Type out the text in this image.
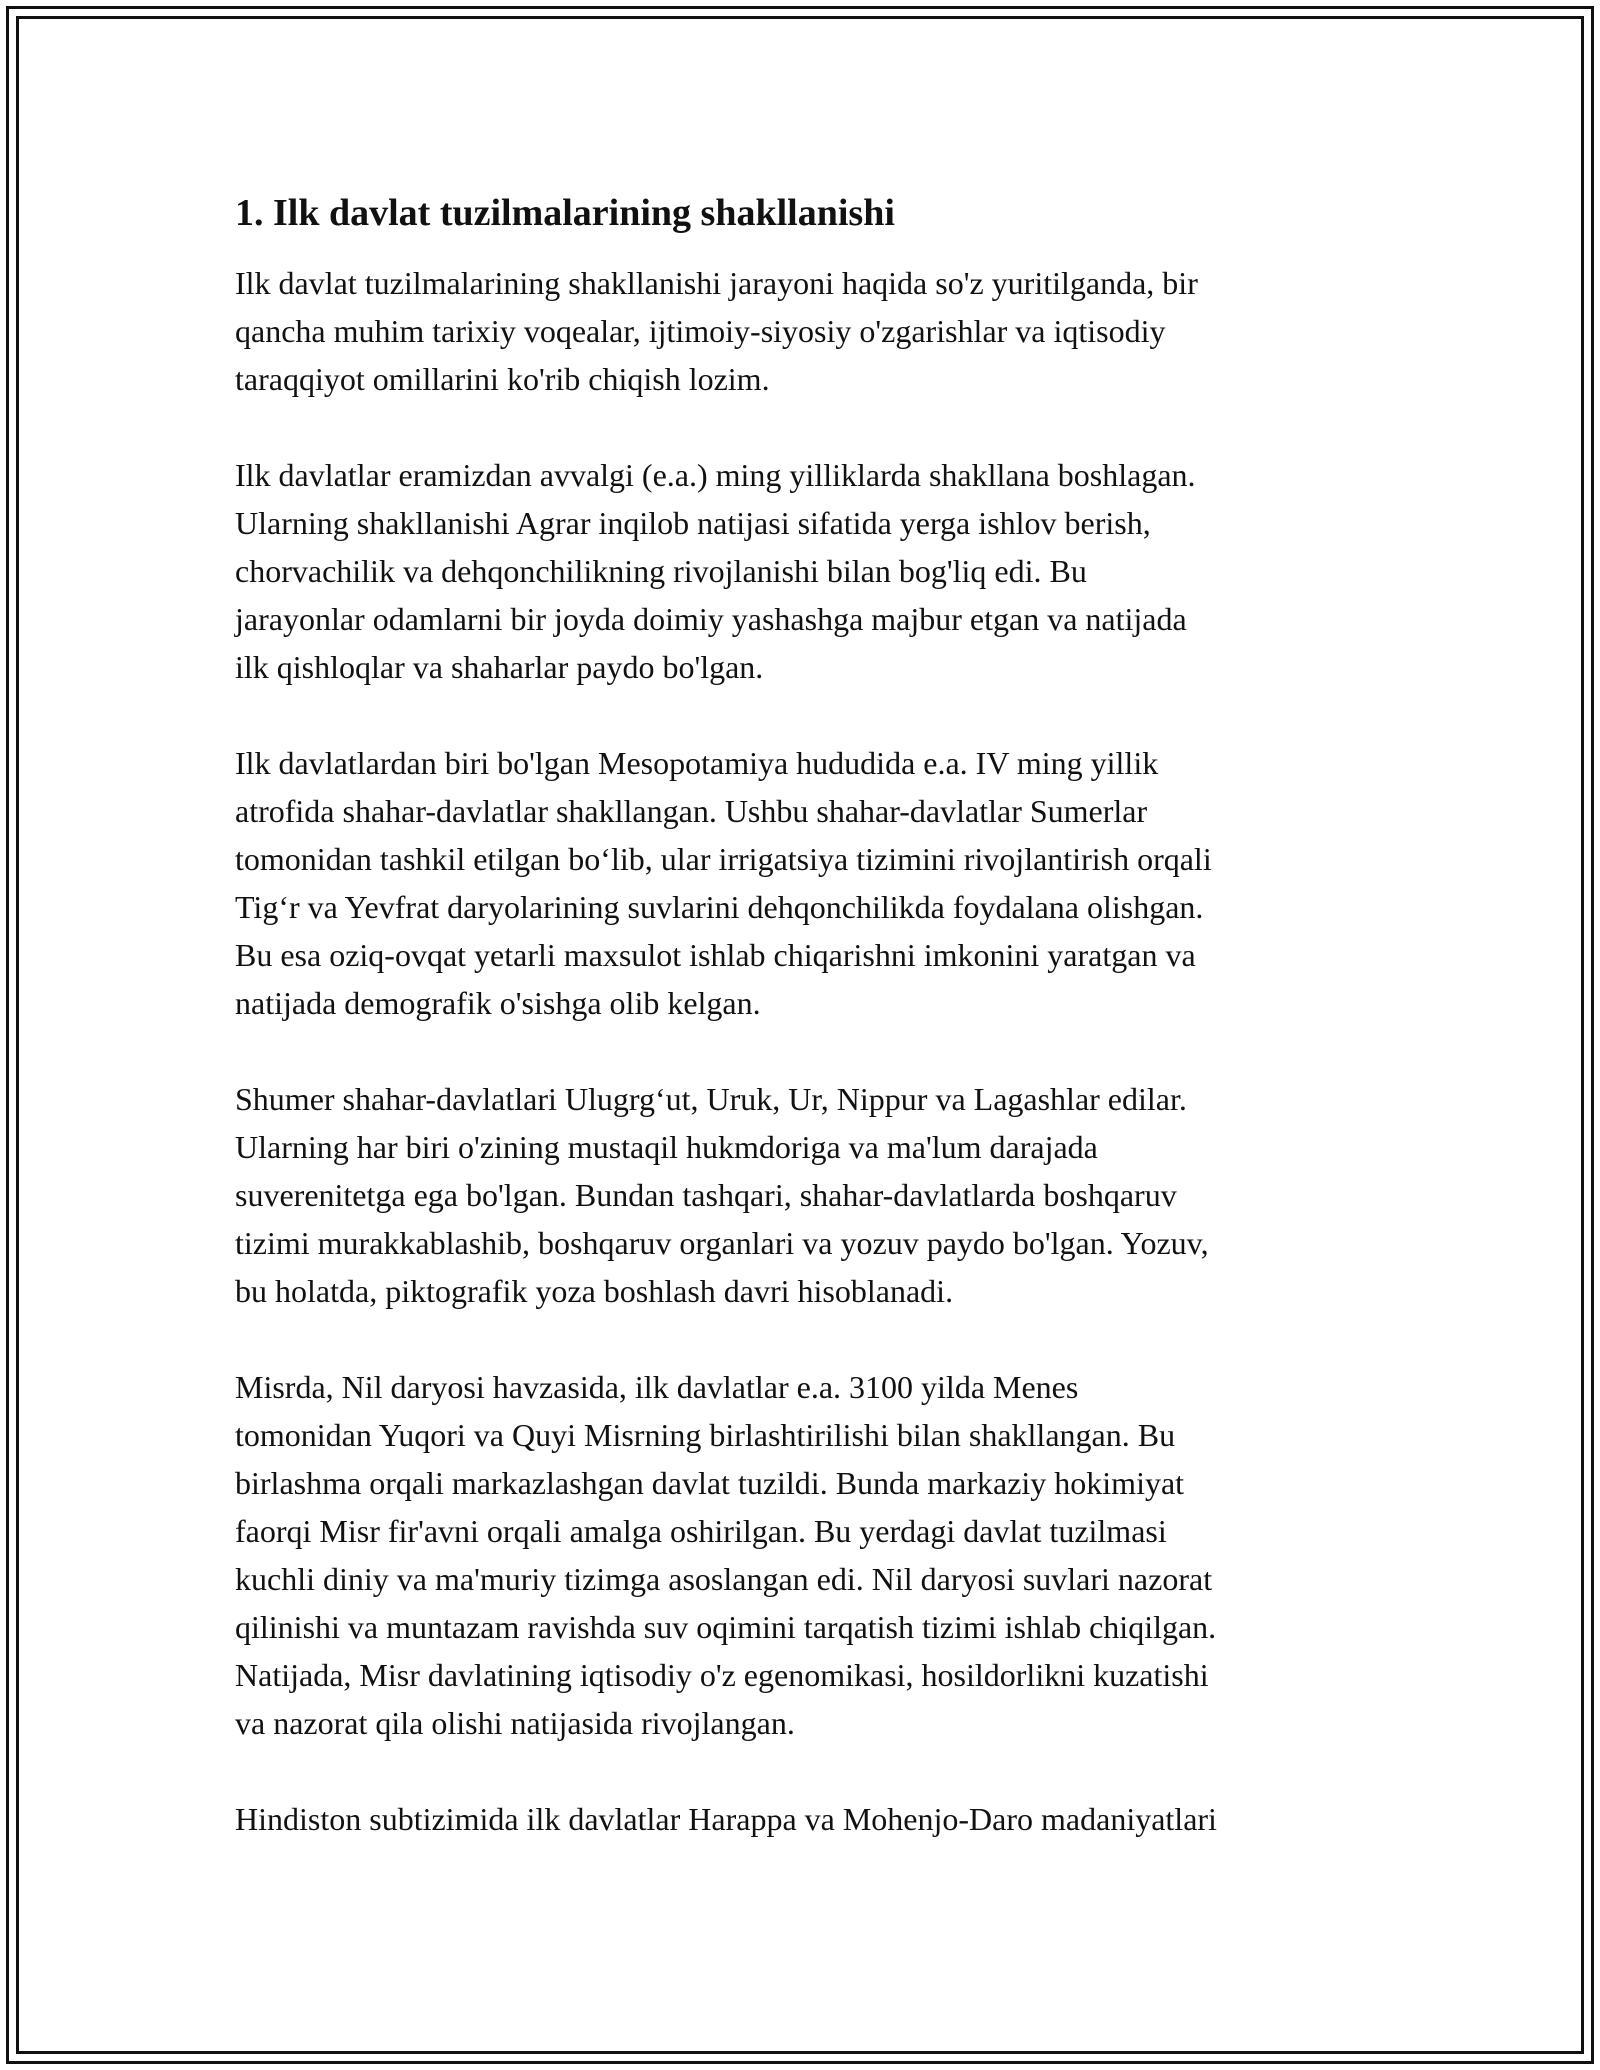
1. Ilk davlat tuzilmalarining shakllanishi

Ilk davlat tuzilmalarining shakllanishi jarayoni haqida so'z yuritilganda, bir
qancha muhim tarixiy voqealar, ijtimoiy-siyosiy o'zgarishlar va iqtisodiy
taraqqiyot omillarini ko'rib chiqish lozim.

Ilk davlatlar eramizdan avvalgi (e.a.) ming yilliklarda shakllana boshlagan.
Ularning shakllanishi Agrar inqilob natijasi sifatida yerga ishlov berish,
chorvachilik va dehqonchilikning rivojlanishi bilan bog'liq edi. Bu
jarayonlar odamlarni bir joyda doimiy yashashga majbur etgan va natijada
ilk qishloqlar va shaharlar paydo bo'lgan.

Ilk davlatlardan biri bo'lgan Mesopotamiya hududida e.a. IV ming yillik
atrofida shahar-davlatlar shakllangan. Ushbu shahar-davlatlar Sumerlar
tomonidan tashkil etilgan bo‘lib, ular irrigatsiya tizimini rivojlantirish orqali
Tig‘r va Yevfrat daryolarining suvlarini dehqonchilikda foydalana olishgan.
Bu esa oziq-ovqat yetarli maxsulot ishlab chiqarishni imkonini yaratgan va
natijada demografik o'sishga olib kelgan.

Shumer shahar-davlatlari Ulugrg‘ut, Uruk, Ur, Nippur va Lagashlar edilar.
Ularning har biri o'zining mustaqil hukmdoriga va ma'lum darajada
suverenitetga ega bo'lgan. Bundan tashqari, shahar-davlatlarda boshqaruv
tizimi murakkablashib, boshqaruv organlari va yozuv paydo bo'lgan. Yozuv,
bu holatda, piktografik yoza boshlash davri hisoblanadi.

Misrda, Nil daryosi havzasida, ilk davlatlar e.a. 3100 yilda Menes
tomonidan Yuqori va Quyi Misrning birlashtirilishi bilan shakllangan. Bu
birlashma orqali markazlashgan davlat tuzildi. Bunda markaziy hokimiyat
faorqi Misr fir'avni orqali amalga oshirilgan. Bu yerdagi davlat tuzilmasi
kuchli diniy va ma'muriy tizimga asoslangan edi. Nil daryosi suvlari nazorat
qilinishi va muntazam ravishda suv oqimini tarqatish tizimi ishlab chiqilgan.
Natijada, Misr davlatining iqtisodiy o'z egenomikasi, hosildorlikni kuzatishi
va nazorat qila olishi natijasida rivojlangan.

Hindiston subtizimida ilk davlatlar Harappa va Mohenjo-Daro madaniyatlari
